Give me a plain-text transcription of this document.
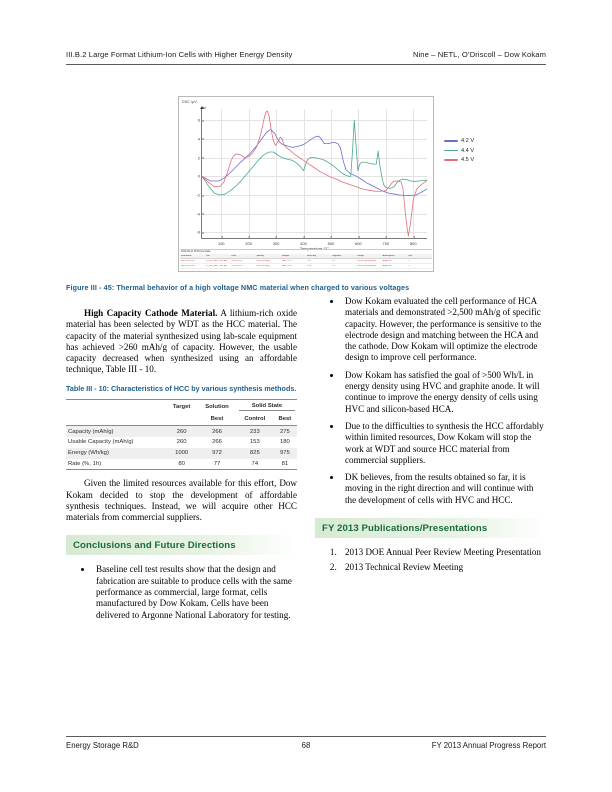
III.B.2 Large Format Lithium-Ion Cells with Higher Energy Density	Nine – NETL, O’Driscoll – Dow Kokam
DSC /µV
exo
Temperature /°C
100	200	300	400	500	600	700	800
6
4
2
0
-2
-4
-6
2013-02-11 15:34 Use Data
Instrument	File	Date	Identity	Sample	Mass/mg	Segment	Range	Atmosphere	Corr.
NETSCH DSC	Li_HV_NMC_42V.dsv	2013-02-07	DSC/(uV/mg)	NMC 4.2V	5.21	1/1	30/10.0(K/min)/850	Argon/50	---
NETSCH DSC	Li_HV_NMC_44V.dsv	2013-02-07	DSC/(uV/mg)	NMC 4.4V	5.13	1/1	30/10.0(K/min)/850	Argon/50	---
4.2 V
4.4 V
4.5 V
Figure III - 45: Thermal behavior of a high voltage NMC material when charged to various voltages

High Capacity Cathode Material. A lithium-rich oxide material has been selected by WDT as the HCC material. The capacity of the material synthesized using lab-scale equipment has achieved >260 mAh/g of capacity. However, the usable capacity decreased when synthesized using an affordable technique, Table III - 10.

Table III - 10: Characteristics of HCC by various synthesis methods.
	Target	Solution	Solid State	
		Best	Control	Best
Capacity (mAh/g)	260	266	233	275
Usable Capacity (mAh/g)	260	266	153	180
Energy (Wh/kg)	1000	972	825	975
Rate (%, 1h)	80	77	74	81

Given the limited resources available for this effort, Dow Kokam decided to stop the development of affordable synthesis techniques. Instead, we will acquire other HCC materials from commercial suppliers.

Conclusions and Future Directions
• Baseline cell test results show that the design and fabrication are suitable to produce cells with the same performance as commercial, large format, cells manufactured by Dow Kokam. Cells have been delivered to Argonne National Laboratory for testing.
• Dow Kokam evaluated the cell performance of HCA materials and demonstrated >2,500 mAh/g of specific capacity. However, the performance is sensitive to the electrode design and matching between the HCA and the cathode. Dow Kokam will optimize the electrode design to improve cell performance.
• Dow Kokam has satisfied the goal of >500 Wh/L in energy density using HVC and graphite anode. It will continue to improve the energy density of cells using HVC and silicon-based HCA.
• Due to the difficulties to synthesis the HCC affordably within limited resources, Dow Kokam will stop the work at WDT and source HCC material from commercial suppliers.
• DK believes, from the results obtained so far, it is moving in the right direction and will continue with the development of cells with HVC and HCC.
FY 2013 Publications/Presentations
1. 2013 DOE Annual Peer Review Meeting Presentation
2. 2013 Technical Review Meeting
Energy Storage R&D	68	FY 2013 Annual Progress Report
